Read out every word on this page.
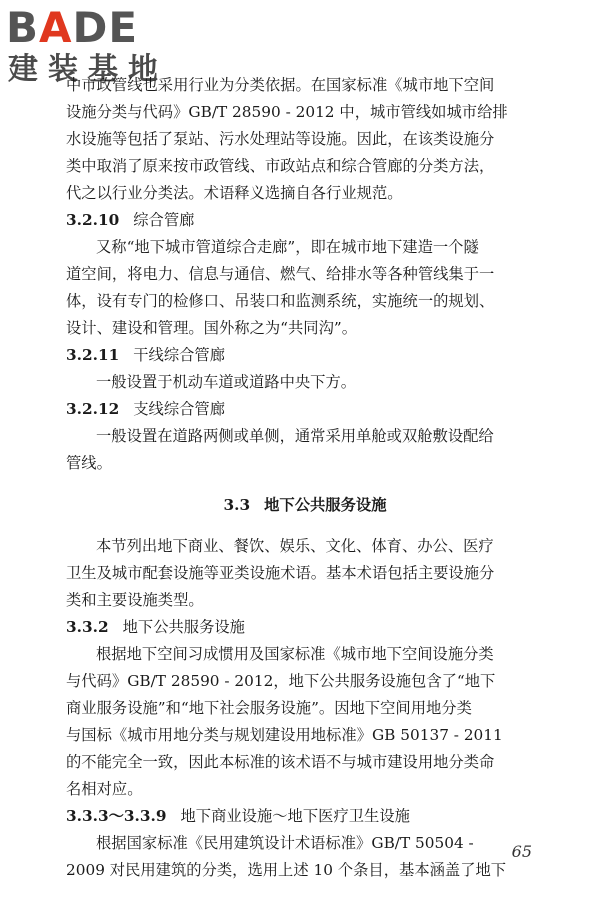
BADE
建装基地
中市政管线也采用行业为分类依据。在国家标准《城市地下空间
设施分类与代码》GB/T 28590 - 2012 中，城市管线如城市给排
水设施等包括了泵站、污水处理站等设施。因此，在该类设施分
类中取消了原来按市政管线、市政站点和综合管廊的分类方法，
代之以行业分类法。术语释义选摘自各行业规范。
3.2.10 综合管廊
又称“地下城市管道综合走廊”，即在城市地下建造一个隧
道空间，将电力、信息与通信、燃气、给排水等各种管线集于一
体，设有专门的检修口、吊装口和监测系统，实施统一的规划、
设计、建设和管理。国外称之为“共同沟”。
3.2.11 干线综合管廊
一般设置于机动车道或道路中央下方。
3.2.12 支线综合管廊
一般设置在道路两侧或单侧，通常采用单舱或双舱敷设配给
管线。
3.3 地下公共服务设施
本节列出地下商业、餐饮、娱乐、文化、体育、办公、医疗
卫生及城市配套设施等亚类设施术语。基本术语包括主要设施分
类和主要设施类型。
3.3.2 地下公共服务设施
根据地下空间习成惯用及国家标准《城市地下空间设施分类
与代码》GB/T 28590 - 2012，地下公共服务设施包含了“地下
商业服务设施”和“地下社会服务设施”。因地下空间用地分类
与国标《城市用地分类与规划建设用地标准》GB 50137 - 2011
的不能完全一致，因此本标准的该术语不与城市建设用地分类命
名相对应。
3.3.3～3.3.9 地下商业设施～地下医疗卫生设施
根据国家标准《民用建筑设计术语标准》GB/T 50504 -
2009 对民用建筑的分类，选用上述 10 个条目，基本涵盖了地下
65
